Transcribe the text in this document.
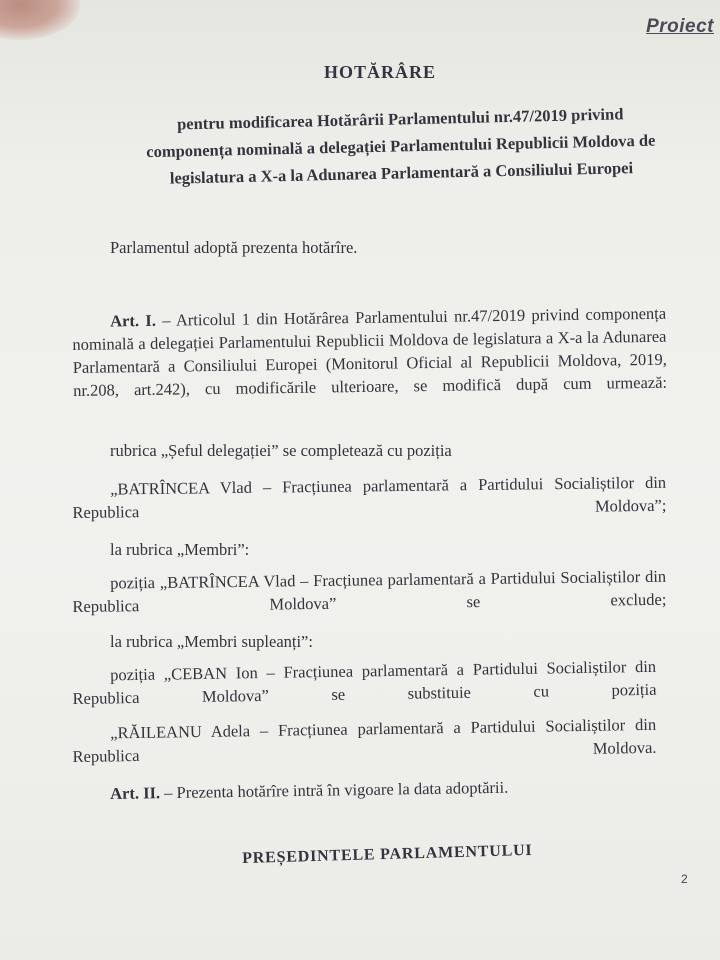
Proiect
HOTĂRÂRE
pentru modificarea Hotărârii Parlamentului nr.47/2019 privind
componența nominală a delegației Parlamentului Republicii Moldova de
legislatura a X-a la Adunarea Parlamentară a Consiliului Europei
Parlamentul adoptă prezenta hotărîre.
Art. I. – Articolul 1 din Hotărârea Parlamentului nr.47/2019 privind componența nominală a delegației Parlamentului Republicii Moldova de legislatura a X-a la Adunarea Parlamentară a Consiliului Europei (Monitorul Oficial al Republicii Moldova, 2019, nr.208, art.242), cu modificările ulterioare, se modifică după cum urmează:
rubrica „Șeful delegației” se completează cu poziția
„BATRÎNCEA Vlad – Fracțiunea parlamentară a Partidului Socialiștilor din Republica Moldova”;
la rubrica „Membri”:
poziția „BATRÎNCEA Vlad – Fracțiunea parlamentară a Partidului Socialiștilor din Republica Moldova” se exclude;
la rubrica „Membri supleanți”:
poziția „CEBAN Ion – Fracțiunea parlamentară a Partidului Socialiștilor din Republica Moldova” se substituie cu poziția
„RĂILEANU Adela – Fracțiunea parlamentară a Partidului Socialiștilor din Republica Moldova.
Art. II. – Prezenta hotărîre intră în vigoare la data adoptării.
PREȘEDINTELE PARLAMENTULUI
2
